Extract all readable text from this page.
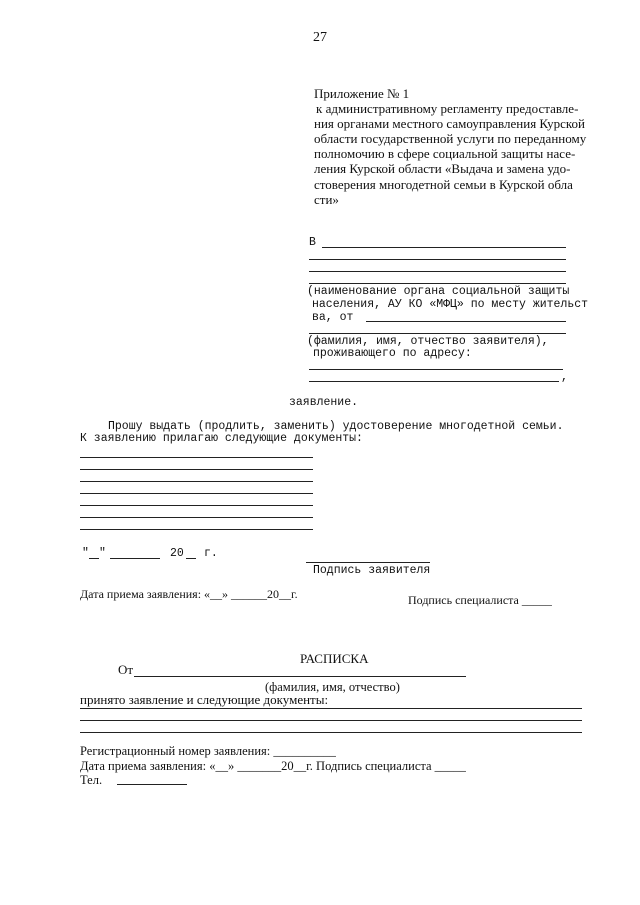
27
Приложение № 1
к административному регламенту предоставле-
ния органами местного самоуправления Курской
области государственной услуги по переданному
полномочию в сфере социальной защиты насе-
ления Курской области «Выдача и замена удо-
стоверения многодетной семьи в Курской обла
сти»
В
(наименование органа социальной защиты
населения, АУ КО «МФЦ» по месту жительст
ва, от
(фамилия, имя, отчество заявителя),
проживающего по адресу:
,
заявление.
Прошу выдать (продлить, заменить) удостоверение многодетной семьи.
К заявлению прилагаю следующие документы:
" "	20 г.
Подпись заявителя
Дата приема заявления: «__» ______20__г.	Подпись специалиста _____
РАСПИСКА
От
(фамилия, имя, отчество)
принято заявление и следующие документы:
Регистрационный номер заявления: __________
Дата приема заявления: «__» _______20__г. Подпись специалиста _____
Тел.
